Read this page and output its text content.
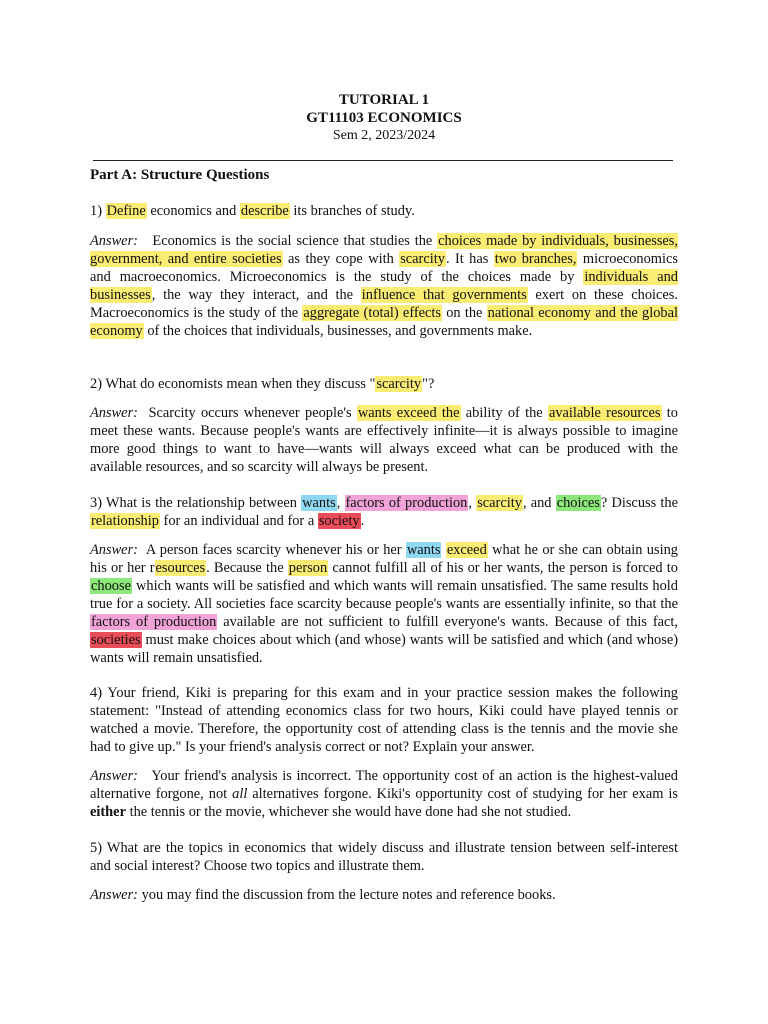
TUTORIAL 1
GT11103 ECONOMICS
Sem 2, 2023/2024
Part A: Structure Questions
1) Define economics and describe its branches of study.
Answer: Economics is the social science that studies the choices made by individuals, businesses, government, and entire societies as they cope with scarcity. It has two branches, microeconomics and macroeconomics. Microeconomics is the study of the choices made by individuals and businesses, the way they interact, and the influence that governments exert on these choices. Macroeconomics is the study of the aggregate (total) effects on the national economy and the global economy of the choices that individuals, businesses, and governments make.
2) What do economists mean when they discuss "scarcity"?
Answer: Scarcity occurs whenever people's wants exceed the ability of the available resources to meet these wants. Because people's wants are effectively infinite—it is always possible to imagine more good things to want to have—wants will always exceed what can be produced with the available resources, and so scarcity will always be present.
3) What is the relationship between wants, factors of production, scarcity, and choices? Discuss the relationship for an individual and for a society.
Answer: A person faces scarcity whenever his or her wants exceed what he or she can obtain using his or her resources. Because the person cannot fulfill all of his or her wants, the person is forced to choose which wants will be satisfied and which wants will remain unsatisfied. The same results hold true for a society. All societies face scarcity because people's wants are essentially infinite, so that the factors of production available are not sufficient to fulfill everyone's wants. Because of this fact, societies must make choices about which (and whose) wants will be satisfied and which (and whose) wants will remain unsatisfied.
4) Your friend, Kiki is preparing for this exam and in your practice session makes the following statement: "Instead of attending economics class for two hours, Kiki could have played tennis or watched a movie. Therefore, the opportunity cost of attending class is the tennis and the movie she had to give up." Is your friend's analysis correct or not? Explain your answer.
Answer: Your friend's analysis is incorrect. The opportunity cost of an action is the highest-valued alternative forgone, not all alternatives forgone. Kiki's opportunity cost of studying for her exam is either the tennis or the movie, whichever she would have done had she not studied.
5) What are the topics in economics that widely discuss and illustrate tension between self-interest and social interest? Choose two topics and illustrate them.
Answer: you may find the discussion from the lecture notes and reference books.
